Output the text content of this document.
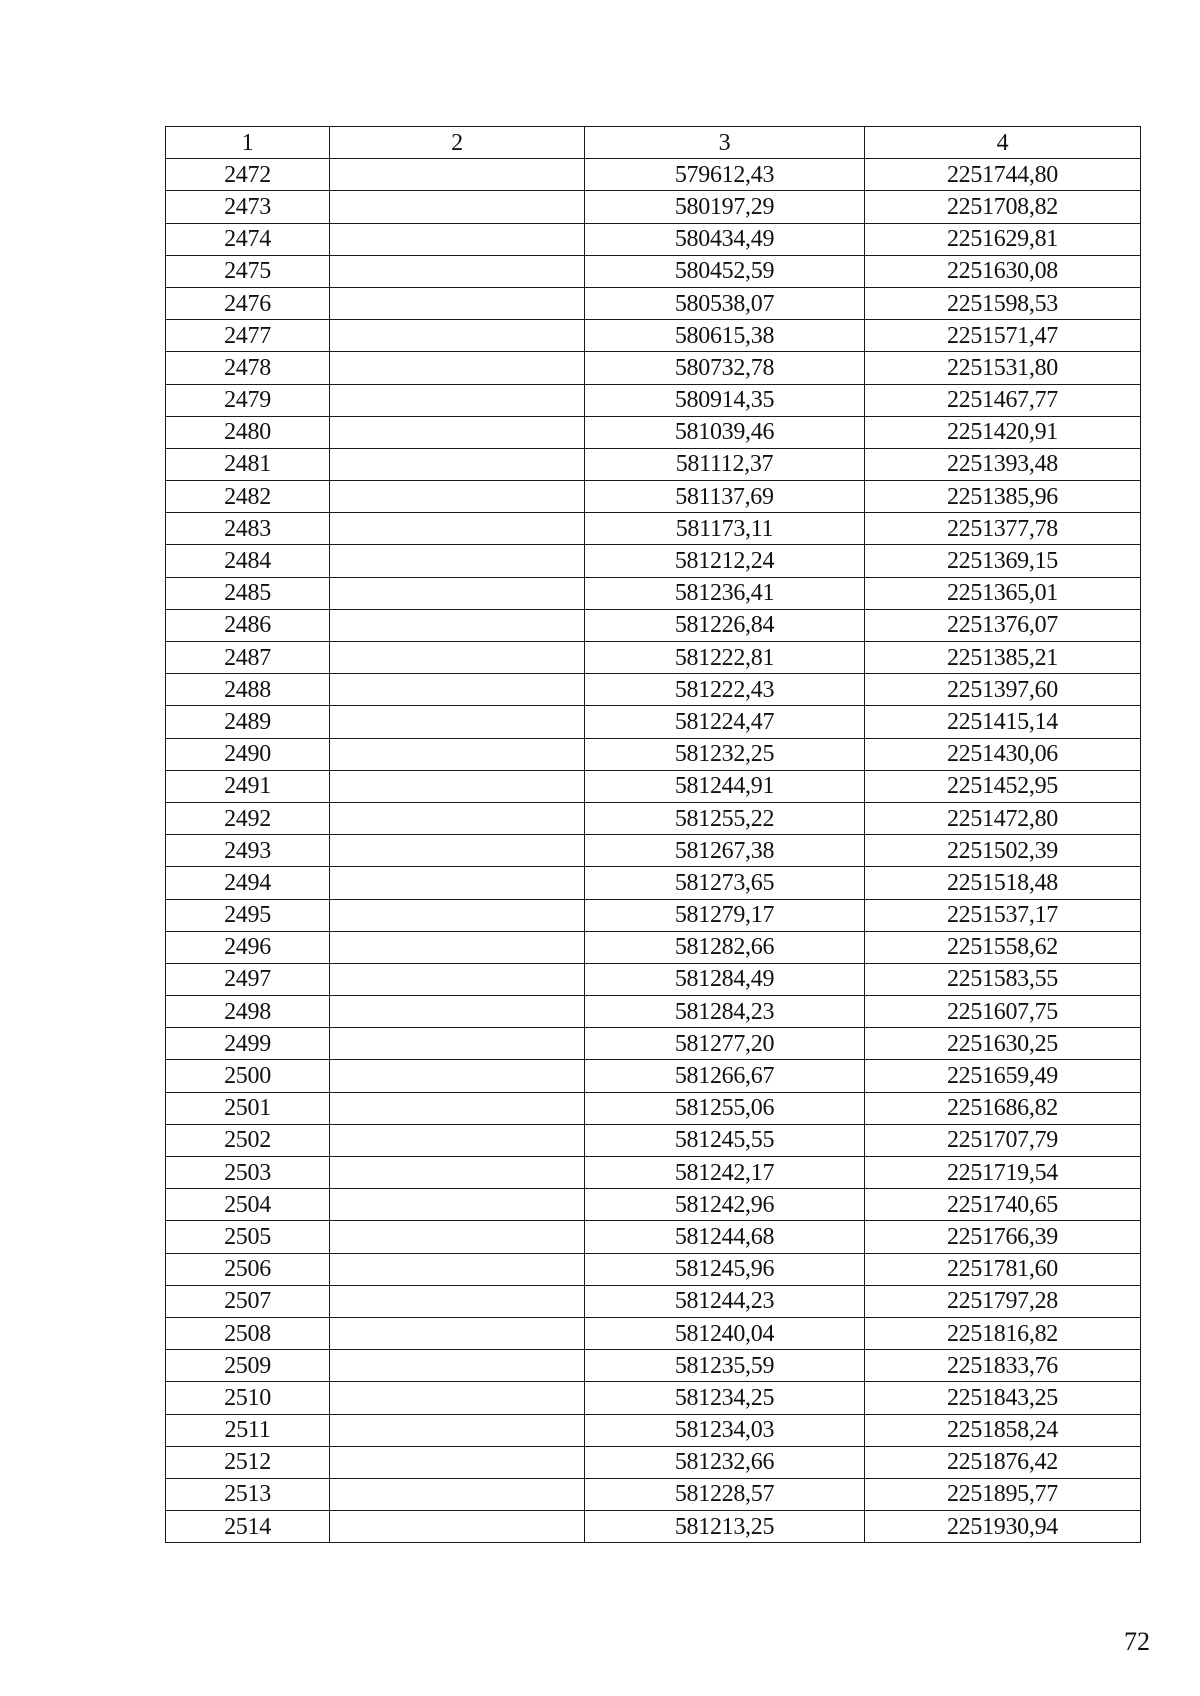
1	2	3	4
2472		579612,43	2251744,80
2473		580197,29	2251708,82
2474		580434,49	2251629,81
2475		580452,59	2251630,08
2476		580538,07	2251598,53
2477		580615,38	2251571,47
2478		580732,78	2251531,80
2479		580914,35	2251467,77
2480		581039,46	2251420,91
2481		581112,37	2251393,48
2482		581137,69	2251385,96
2483		581173,11	2251377,78
2484		581212,24	2251369,15
2485		581236,41	2251365,01
2486		581226,84	2251376,07
2487		581222,81	2251385,21
2488		581222,43	2251397,60
2489		581224,47	2251415,14
2490		581232,25	2251430,06
2491		581244,91	2251452,95
2492		581255,22	2251472,80
2493		581267,38	2251502,39
2494		581273,65	2251518,48
2495		581279,17	2251537,17
2496		581282,66	2251558,62
2497		581284,49	2251583,55
2498		581284,23	2251607,75
2499		581277,20	2251630,25
2500		581266,67	2251659,49
2501		581255,06	2251686,82
2502		581245,55	2251707,79
2503		581242,17	2251719,54
2504		581242,96	2251740,65
2505		581244,68	2251766,39
2506		581245,96	2251781,60
2507		581244,23	2251797,28
2508		581240,04	2251816,82
2509		581235,59	2251833,76
2510		581234,25	2251843,25
2511		581234,03	2251858,24
2512		581232,66	2251876,42
2513		581228,57	2251895,77
2514		581213,25	2251930,94
72
